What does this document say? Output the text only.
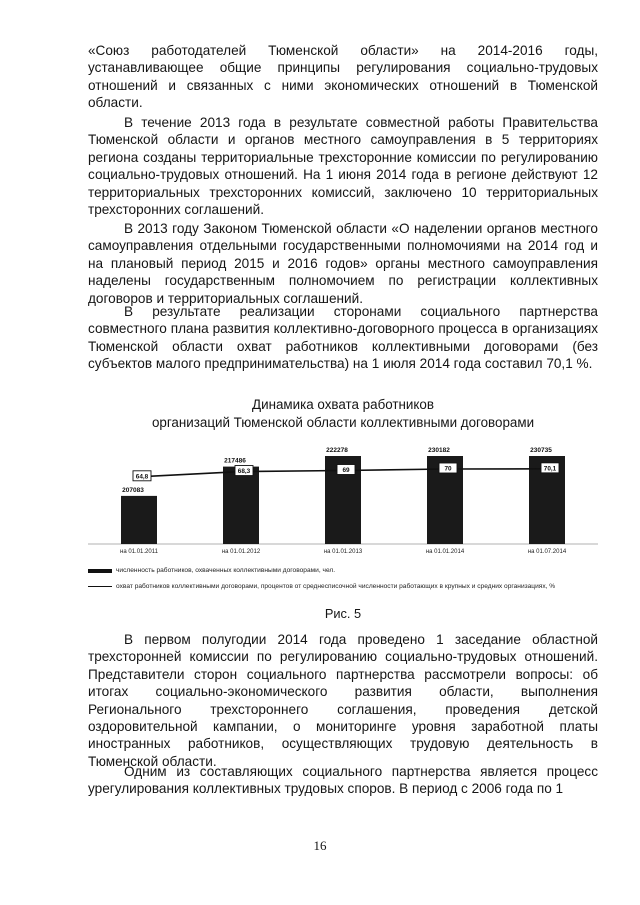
«Союз работодателей Тюменской области» на 2014-2016 годы, устанавливающее общие принципы регулирования социально-трудовых отношений и связанных с ними экономических отношений в Тюменской области.

В течение 2013 года в результате совместной работы Правительства Тюменской области и органов местного самоуправления в 5 территориях региона созданы территориальные трехсторонние комиссии по регулированию социально-трудовых отношений. На 1 июня 2014 года в регионе действуют 12 территориальных трехсторонних комиссий, заключено 10 территориальных трехсторонних соглашений.

В 2013 году Законом Тюменской области «О наделении органов местного самоуправления отдельными государственными полномочиями на 2014 год и на плановый период 2015 и 2016 годов» органы местного самоуправления наделены государственным полномочием по регистрации коллективных договоров и территориальных соглашений.

В результате реализации сторонами социального партнерства совместного плана развития коллективно-договорного процесса в организациях Тюменской области охват работников коллективными договорами (без субъектов малого предпринимательства) на 1 июля 2014 года составил 70,1 %.

Динамика охвата работников
организаций Тюменской области коллективными договорами
207083
на 01.01.2011
217486
на 01.01.2012
222278
на 01.01.2013
230182
на 01.01.2014
230735
на 01.07.2014
64,8
68,3	69	70	70,1
численность работников, охваченных коллективными договорами, чел.
охват работников коллективными договорами, процентов от среднесписочной численности работающих в крупных и средних организациях, %
Рис. 5

В первом полугодии 2014 года проведено 1 заседание областной трехсторонней комиссии по регулированию социально-трудовых отношений. Представители сторон социального партнерства рассмотрели вопросы: об итогах социально-экономического развития области, выполнения Регионального трехстороннего соглашения, проведения детской оздоровительной кампании, о мониторинге уровня заработной платы иностранных работников, осуществляющих трудовую деятельность в Тюменской области.

Одним из составляющих социального партнерства является процесс урегулирования коллективных трудовых споров. В период с 2006 года по 1

16
